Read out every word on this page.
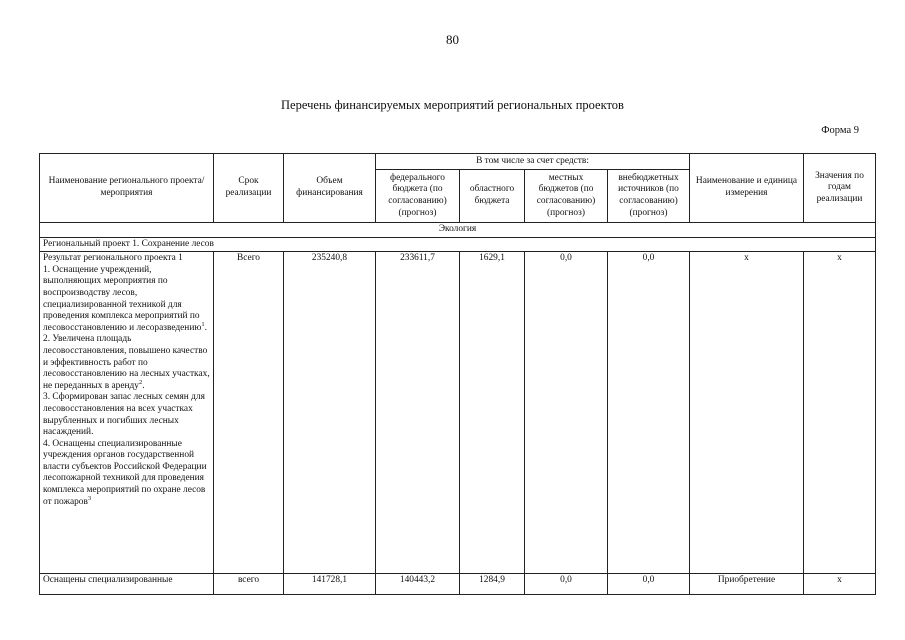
80
Перечень финансируемых мероприятий региональных проектов
Форма 9
Наименование регионального проекта/ мероприятия	Срок реализации	Объем финансирования	В том числе за счет средств:				Наименование и единица измерения	Значения по годам реализации
			федерального бюджета (по согласованию) (прогноз)	областного бюджета	местных бюджетов (по согласованию) (прогноз)	внебюджетных источников (по согласованию) (прогноз)		
Экология								
Региональный проект 1. Сохранение лесов								

Результат регионального проекта 1
1. Оснащение учреждений, выполняющих мероприятия по воспроизводству лесов, специализированной техникой для проведения комплекса мероприятий по лесовосстановлению и лесоразведению$^1$.
2. Увеличена площадь лесовосстановления, повышено качество и эффективность работ по лесовосстановлению на лесных участках, не переданных в аренду$^2$.
3. Сформирован запас лесных семян для лесовосстановления на всех участках вырубленных и погибших лесных насаждений.
4. Оснащены специализированные учреждения органов государственной власти субъектов Российской Федерации лесопожарной техникой для проведения комплекса мероприятий по охране лесов от пожаров$^3$	Всего	235240,8	233611,7	1629,1	0,0	0,0	х	х
Оснащены специализированные	всего	141728,1	140443,2	1284,9	0,0	0,0	Приобретение	х
